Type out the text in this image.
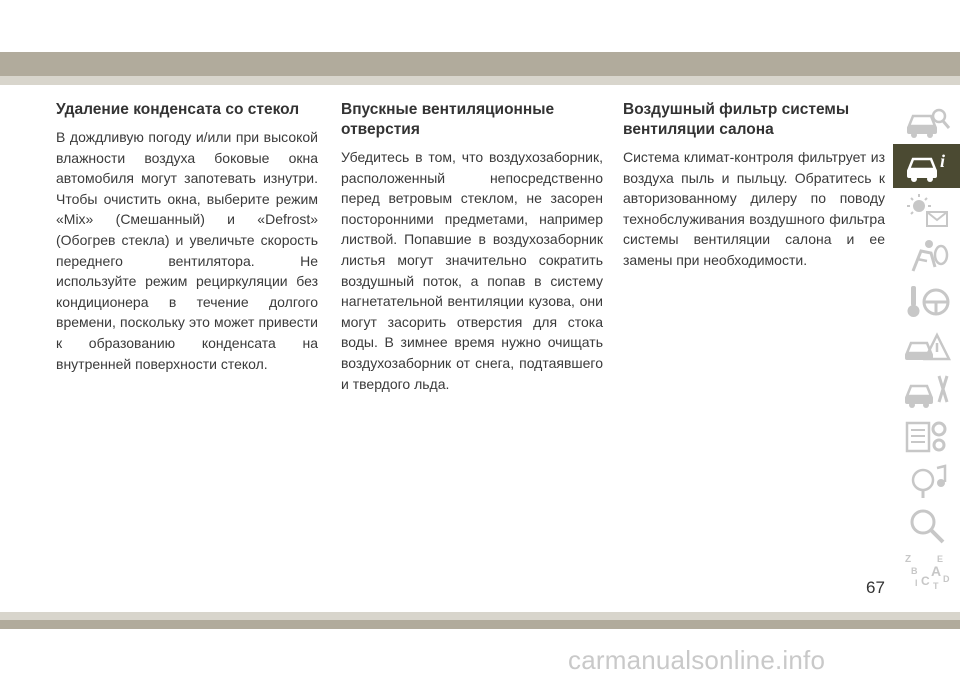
Удаление конденсата со стекол

В дождливую погоду и/или при высокой влажности воздуха боковые окна автомобиля могут запотевать изнутри. Чтобы очистить окна, выберите режим «Mix» (Смешанный) и «Defrost» (Обогрев стекла) и увеличьте скорость переднего вентилятора. Не используйте режим рециркуляции без кондиционера в течение долгого времени, поскольку это может привести к образованию конденсата на внутренней поверхности стекол.

Впускные вентиляционные отверстия

Убедитесь в том, что воздухозаборник, расположенный непосредственно перед ветровым стеклом, не засорен посторонними предметами, например листвой. Попавшие в воздухозаборник листья могут значительно сократить воздушный поток, а попав в систему нагнетательной вентиляции кузова, они могут засорить отверстия для стока воды. В зимнее время нужно очищать воздухозаборник от снега, подтаявшего и твердого льда.

Воздушный фильтр системы вентиляции салона

Система климат-контроля фильтрует из воздуха пыль и пыльцу. Обратитесь к авторизованному дилеру по поводу технобслуживания воздушного фильтра системы вентиляции салона и ее замены при необходимости.

i
Z	E
B A D
I C T
67
carmanualsonline.info
